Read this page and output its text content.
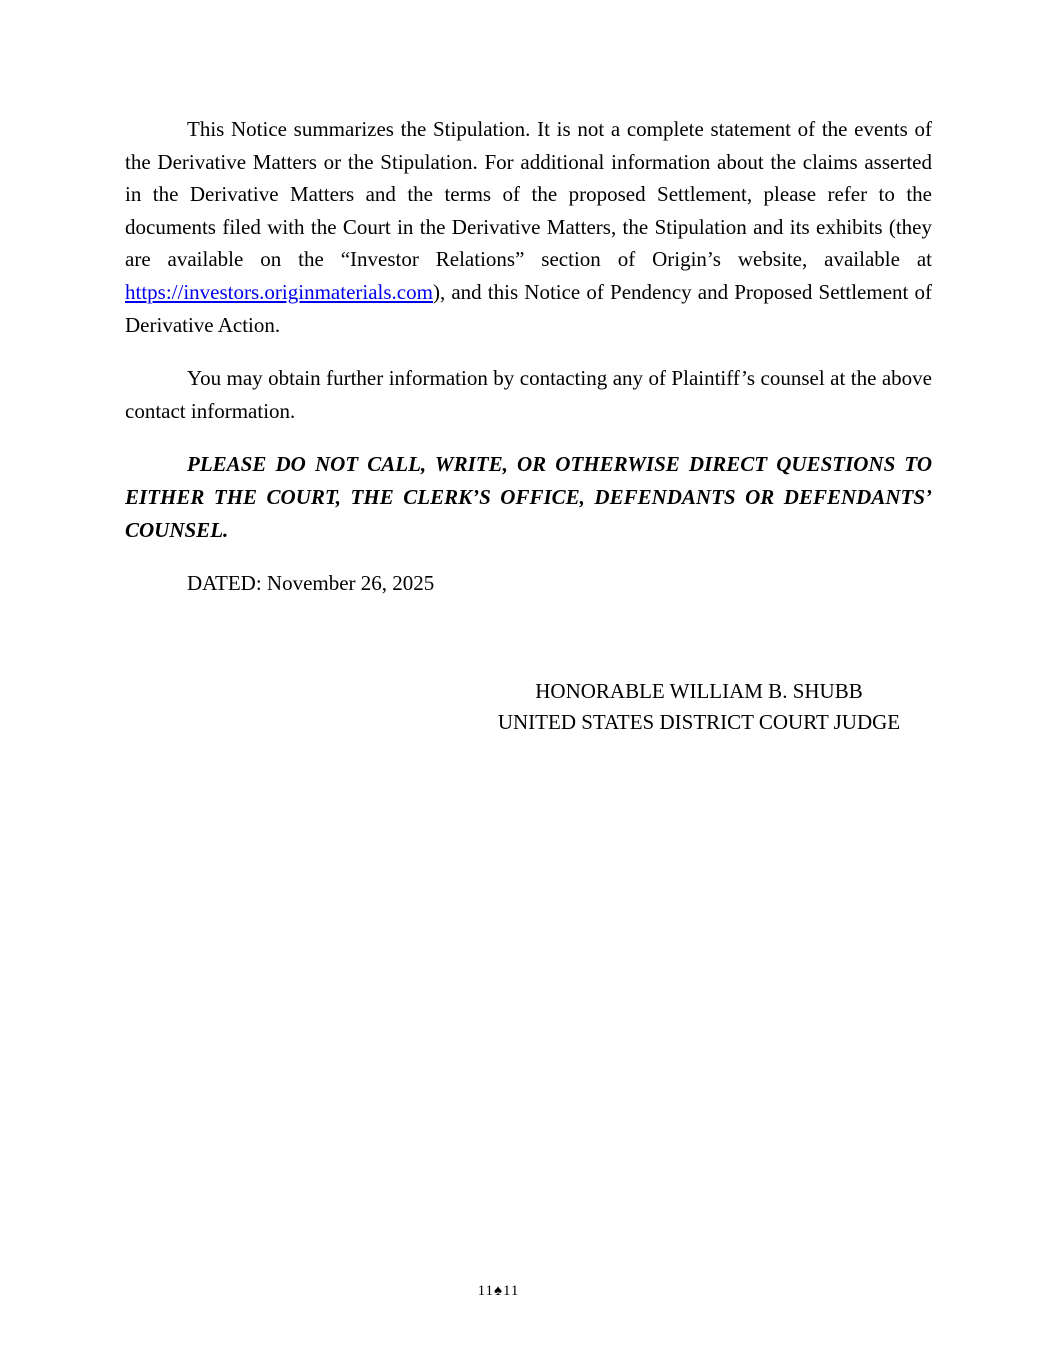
This Notice summarizes the Stipulation. It is not a complete statement of the events of the Derivative Matters or the Stipulation. For additional information about the claims asserted in the Derivative Matters and the terms of the proposed Settlement, please refer to the documents filed with the Court in the Derivative Matters, the Stipulation and its exhibits (they are available on the “Investor Relations” section of Origin’s website, available at https://investors.originmaterials.com), and this Notice of Pendency and Proposed Settlement of Derivative Action.

You may obtain further information by contacting any of Plaintiff’s counsel at the above contact information.

PLEASE DO NOT CALL, WRITE, OR OTHERWISE DIRECT QUESTIONS TO EITHER THE COURT, THE CLERK’S OFFICE, DEFENDANTS OR DEFENDANTS’ COUNSEL.

DATED: November 26, 2025

HONORABLE WILLIAM B. SHUBB
UNITED STATES DISTRICT COURT JUDGE
11♠11
